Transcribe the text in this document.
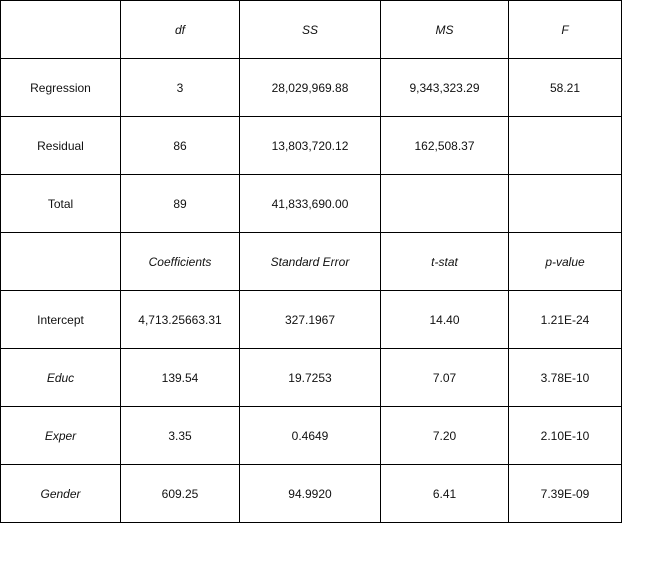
	df	SS	MS	F
Regression	3	28,029,969.88	9,343,323.29	58.21
Residual	86	13,803,720.12	162,508.37	
Total	89	41,833,690.00		
	Coefficients	Standard Error	t-stat	p-value
Intercept	4,713.25663.31	327.1967	14.40	1.21E-24
Educ	139.54	19.7253	7.07	3.78E-10
Exper	3.35	0.4649	7.20	2.10E-10
Gender	609.25	94.9920	6.41	7.39E-09
